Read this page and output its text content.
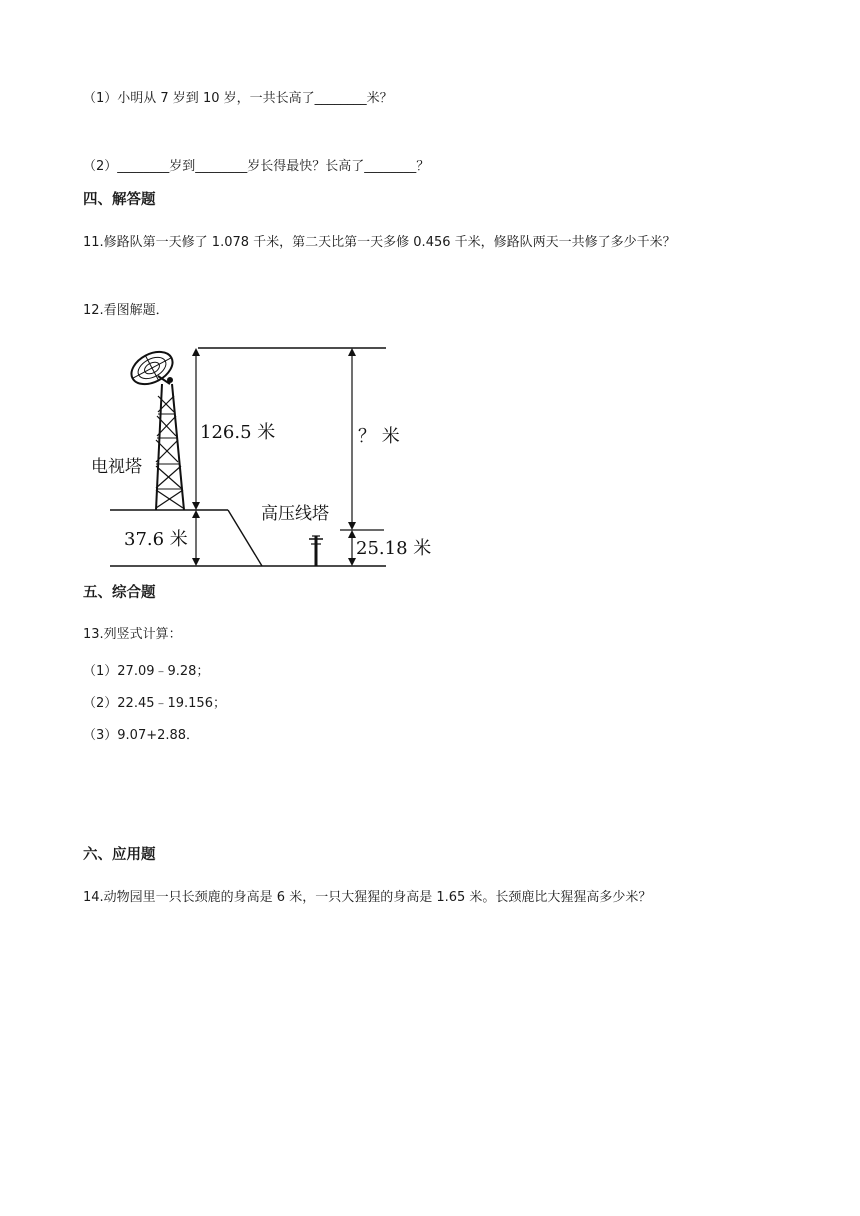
（1）小明从 7 岁到 10 岁，一共长高了________米？
（2）________岁到________岁长得最快？长高了________？
四、解答题
11.修路队第一天修了 1.078 千米，第二天比第一天多修 0.456 千米，修路队两天一共修了多少千米？
12.看图解题．
126.5 米
电视塔
37.6 米
？ 米
高压线塔
25.18 米
五、综合题
13.列竖式计算：
（1）27.09﹣9.28；
（2）22.45﹣19.156；
（3）9.07+2.88．
六、应用题
14.动物园里一只长颈鹿的身高是 6 米，一只大猩猩的身高是 1.65 米。长颈鹿比大猩猩高多少米？
